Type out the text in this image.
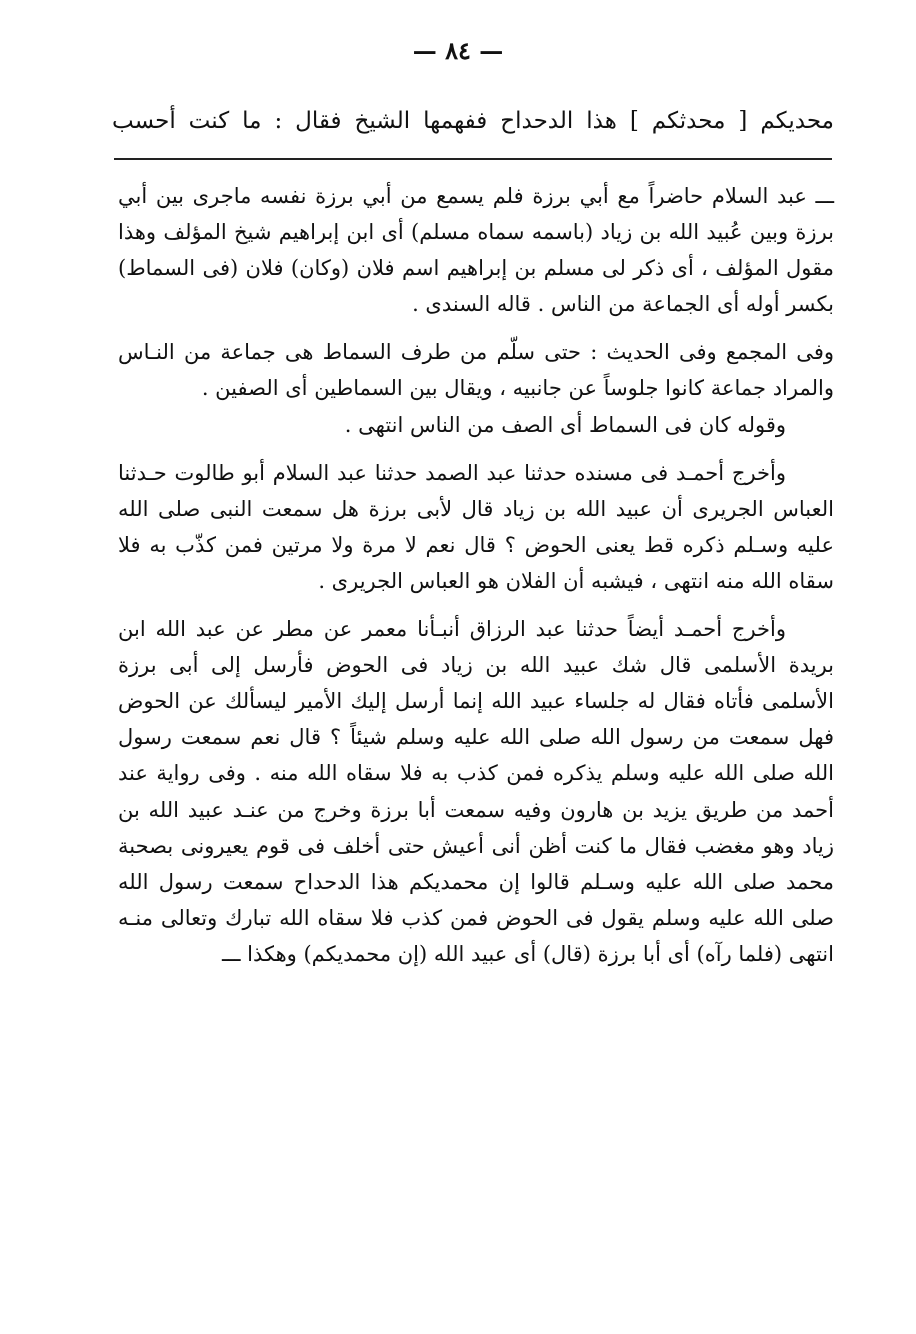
— ٨٤ —
محديكم [ محدثكم ] هذا الدحداح ففهمها الشيخ فقال : ما كنت أحسب

ـــ عبد السلام حاضراً مع أبي برزة فلم يسمع من أبي برزة نفسه ماجرى بين أبي برزة وبين عُبيد الله بن زياد (باسمه سماه مسلم) أى ابن إبراهيم شيخ المؤلف وهذا مقول المؤلف ، أى ذكر لى مسلم بن إبراهيم اسم فلان (وكان) فلان (فى السماط) بكسر أوله أى الجماعة من الناس . قاله السندى .

وفى المجمع وفى الحديث : حتى سلّم من طرف السماط هى جماعة من النـاس والمراد جماعة كانوا جلوساً عن جانبيه ، ويقال بين السماطين أى الصفين .

وقوله كان فى السماط أى الصف من الناس انتهى .

وأخرج أحمـد فى مسنده حدثنا عبد الصمد حدثنا عبد السلام أبو طالوت حـدثنا العباس الجريرى أن عبيد الله بن زياد قال لأبى برزة هل سمعت النبى صلى الله عليه وسـلم ذكره قط يعنى الحوض ؟ قال نعم لا مرة ولا مرتين فمن كذّب به فلا سقاه الله منه انتهى ، فيشبه أن الفلان هو العباس الجريرى .

وأخرج أحمـد أيضاً حدثنا عبد الرزاق أنبـأنا معمر عن مطر عن عبد الله ابن بريدة الأسلمى قال شك عبيد الله بن زياد فى الحوض فأرسل إلى أبى برزة الأسلمى فأتاه فقال له جلساء عبيد الله إنما أرسل إليك الأمير ليسألك عن الحوض فهل سمعت من رسول الله صلى الله عليه وسلم شيئاً ؟ قال نعم سمعت رسول الله صلى الله عليه وسلم يذكره فمن كذب به فلا سقاه الله منه . وفى رواية عند أحمد من طريق يزيد بن هارون وفيه سمعت أبا برزة وخرج من عنـد عبيد الله بن زياد وهو مغضب فقال ما كنت أظن أنى أعيش حتى أخلف فى قوم يعيرونى بصحبة محمد صلى الله عليه وسـلم قالوا إن محمديكم هذا الدحداح سمعت رسول الله صلى الله عليه وسلم يقول فى الحوض فمن كذب فلا سقاه الله تبارك وتعالى منـه انتهى (فلما رآه) أى أبا برزة (قال) أى عبيد الله (إن محمديكم) وهكذا ـــ
